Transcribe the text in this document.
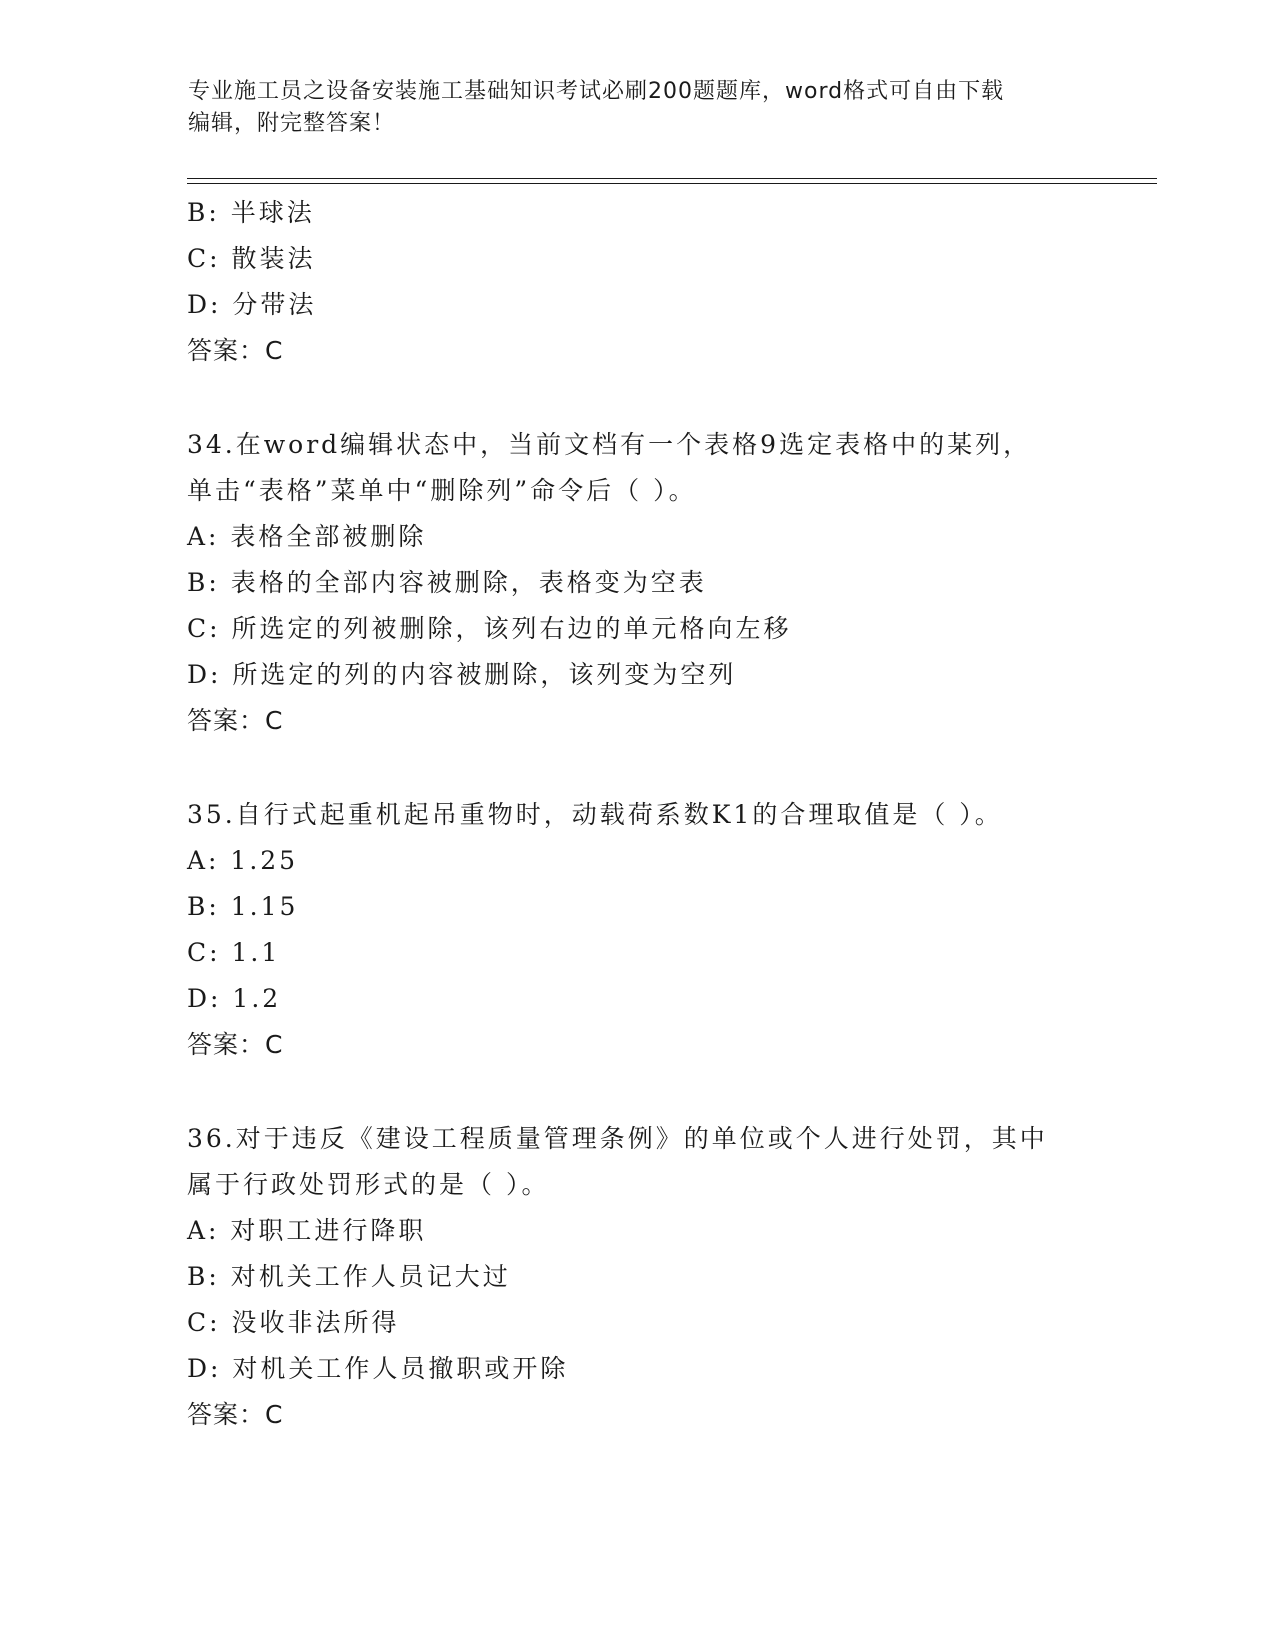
专业施工员之设备安装施工基础知识考试必刷200题题库，word格式可自由下载
编辑，附完整答案！
B: 半球法
C: 散装法
D: 分带法
答案：C
34.在word编辑状态中，当前文档有一个表格9选定表格中的某列，
单击“表格”菜单中“删除列”命令后（ ）。
A: 表格全部被删除
B: 表格的全部内容被删除，表格变为空表
C: 所选定的列被删除，该列右边的单元格向左移
D: 所选定的列的内容被删除，该列变为空列
答案：C
35.自行式起重机起吊重物时，动载荷系数K1的合理取值是（ ）。
A: 1.25
B: 1.15
C: 1.1
D: 1.2
答案：C
36.对于违反《建设工程质量管理条例》的单位或个人进行处罚，其中
属于行政处罚形式的是（ ）。
A: 对职工进行降职
B: 对机关工作人员记大过
C: 没收非法所得
D: 对机关工作人员撤职或开除
答案：C
